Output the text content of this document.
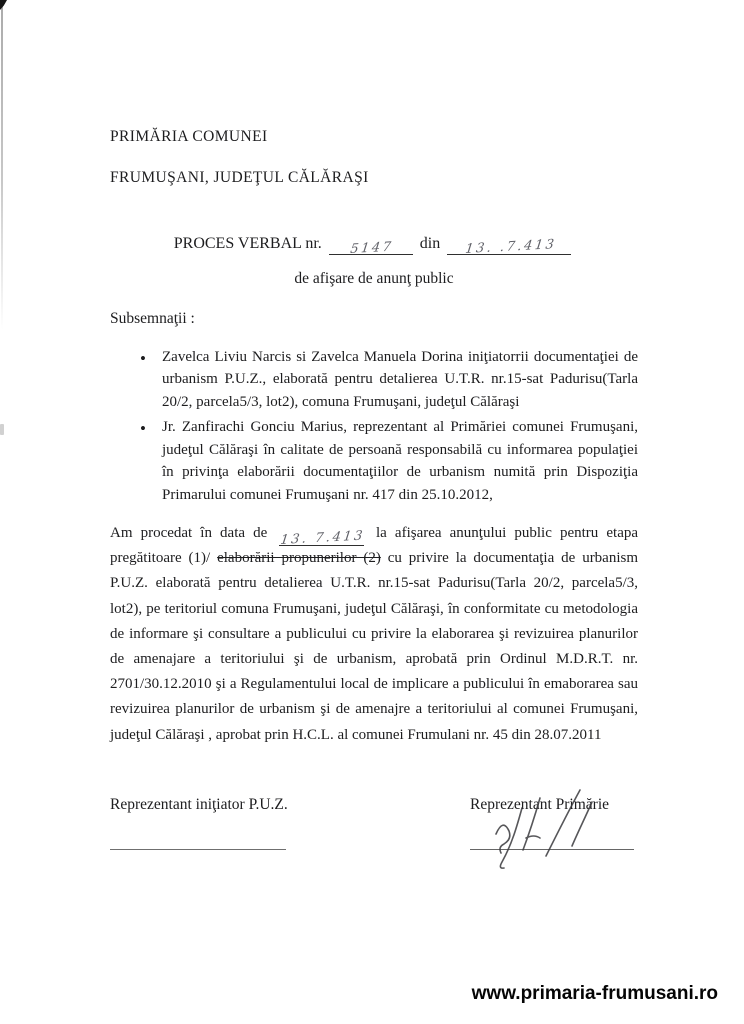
PRIMĂRIA COMUNEI

FRUMUŞANI, JUDEŢUL CĂLĂRAŞI

PROCES VERBAL nr. 5147 din 13. .7.413
de afişare de anunţ public

Subsemnaţii :

• Zavelca Liviu Narcis si Zavelca Manuela Dorina iniţiatorrii documentaţiei de urbanism P.U.Z., elaborată pentru detalierea U.T.R. nr.15-sat Padurisu(Tarla 20/2, parcela5/3, lot2), comuna Frumuşani, judeţul Călăraşi
• Jr. Zanfirachi Gonciu Marius, reprezentant al Primăriei comunei Frumuşani, judeţul Călăraşi în calitate de persoană responsabilă cu informarea populaţiei în privinţa elaborării documentaţiilor de urbanism numită prin Dispoziţia Primarului comunei Frumuşani nr. 417 din 25.10.2012,

Am procedat în data de 13. 7.413 la afişarea anunţului public pentru etapa pregătitoare (1)/ elaborării propunerilor (2) cu privire la documentaţia de urbanism P.U.Z. elaborată pentru detalierea U.T.R. nr.15-sat Padurisu(Tarla 20/2, parcela5/3, lot2), pe teritoriul comuna Frumuşani, judeţul Călăraşi, în conformitate cu metodologia de informare şi consultare a publicului cu privire la elaborarea şi revizuirea planurilor de amenajare a teritoriului şi de urbanism, aprobată prin Ordinul M.D.R.T. nr. 2701/30.12.2010 şi a Regulamentului local de implicare a publicului în emaborarea sau revizuirea planurilor de urbanism şi de amenajre a teritoriului al comunei Frumuşani, judeţul Călăraşi , aprobat prin H.C.L. al comunei Frumulani nr. 45 din 28.07.2011

Reprezentant iniţiator P.U.Z.	Reprezentant Primărie
www.primaria-frumusani.ro
